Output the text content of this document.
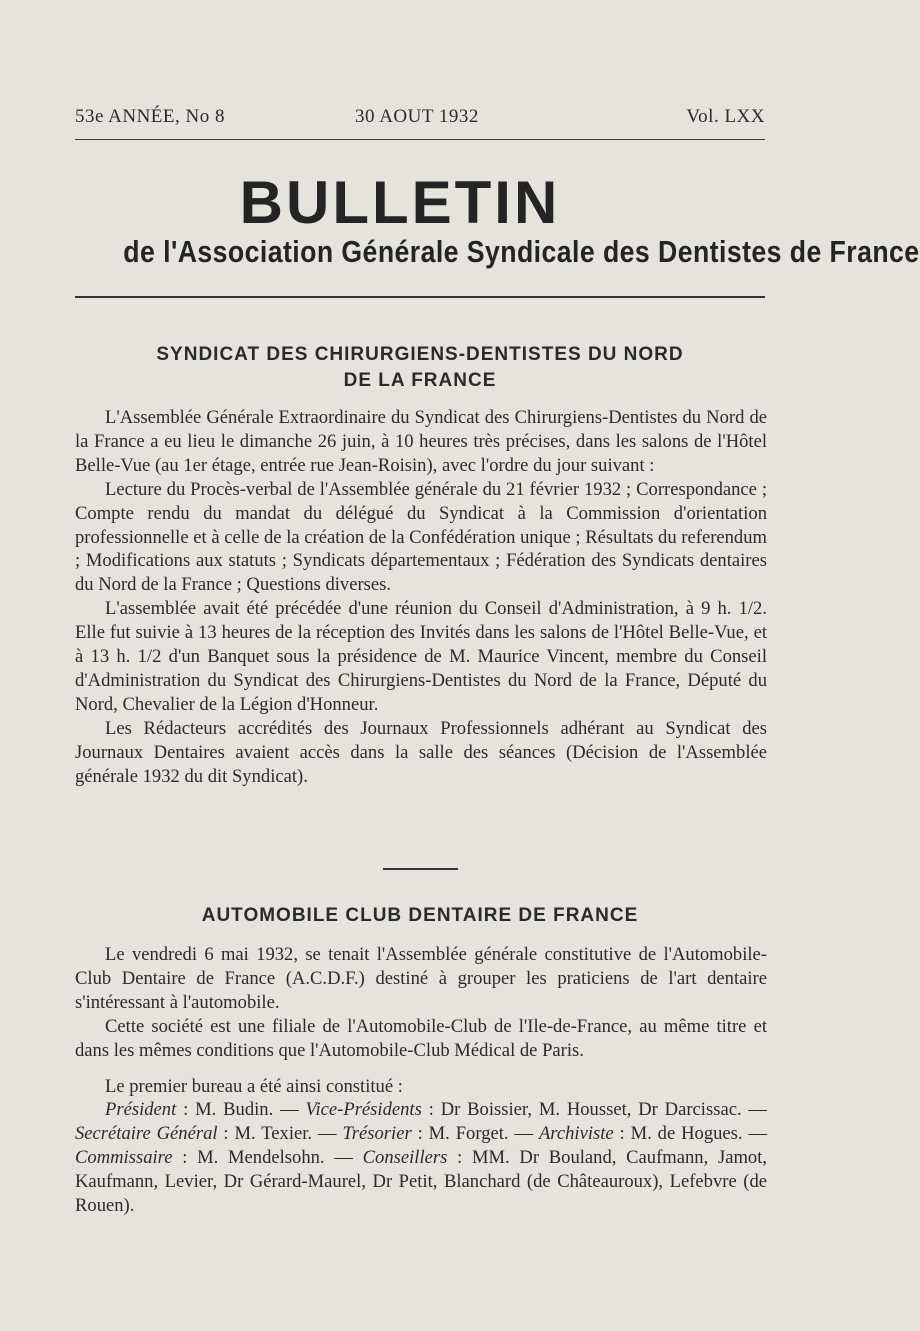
53e ANNÉE, No 8	30 AOUT 1932	Vol. LXX
BULLETIN
de l'Association Générale Syndicale des Dentistes de France
SYNDICAT DES CHIRURGIENS-DENTISTES DU NORD
DE LA FRANCE

L'Assemblée Générale Extraordinaire du Syndicat des Chirurgiens-Dentistes du Nord de la France a eu lieu le dimanche 26 juin, à 10 heures très précises, dans les salons de l'Hôtel Belle-Vue (au 1er étage, entrée rue Jean-Roisin), avec l'ordre du jour suivant :

Lecture du Procès-verbal de l'Assemblée générale du 21 février 1932 ; Correspondance ; Compte rendu du mandat du délégué du Syndicat à la Commission d'orientation professionnelle et à celle de la création de la Confédération unique ; Résultats du referendum ; Modifications aux statuts ; Syndicats départementaux ; Fédération des Syndicats dentaires du Nord de la France ; Questions diverses.

L'assemblée avait été précédée d'une réunion du Conseil d'Administration, à 9 h. 1/2. Elle fut suivie à 13 heures de la réception des Invités dans les salons de l'Hôtel Belle-Vue, et à 13 h. 1/2 d'un Banquet sous la présidence de M. Maurice Vincent, membre du Conseil d'Administration du Syndicat des Chirurgiens-Dentistes du Nord de la France, Député du Nord, Chevalier de la Légion d'Honneur.

Les Rédacteurs accrédités des Journaux Professionnels adhérant au Syndicat des Journaux Dentaires avaient accès dans la salle des séances (Décision de l'Assemblée générale 1932 du dit Syndicat).

AUTOMOBILE CLUB DENTAIRE DE FRANCE

Le vendredi 6 mai 1932, se tenait l'Assemblée générale constitutive de l'Automobile-Club Dentaire de France (A.C.D.F.) destiné à grouper les praticiens de l'art dentaire s'intéressant à l'automobile.

Cette société est une filiale de l'Automobile-Club de l'Ile-de-France, au même titre et dans les mêmes conditions que l'Automobile-Club Médical de Paris.

Le premier bureau a été ainsi constitué :

Président : M. Budin. — Vice-Présidents : Dr Boissier, M. Housset, Dr Darcissac. — Secrétaire Général : M. Texier. — Trésorier : M. Forget. — Archiviste : M. de Hogues. — Commissaire : M. Mendelsohn. — Conseillers : MM. Dr Bouland, Caufmann, Jamot, Kaufmann, Levier, Dr Gérard-Maurel, Dr Petit, Blanchard (de Châteauroux), Lefebvre (de Rouen).
